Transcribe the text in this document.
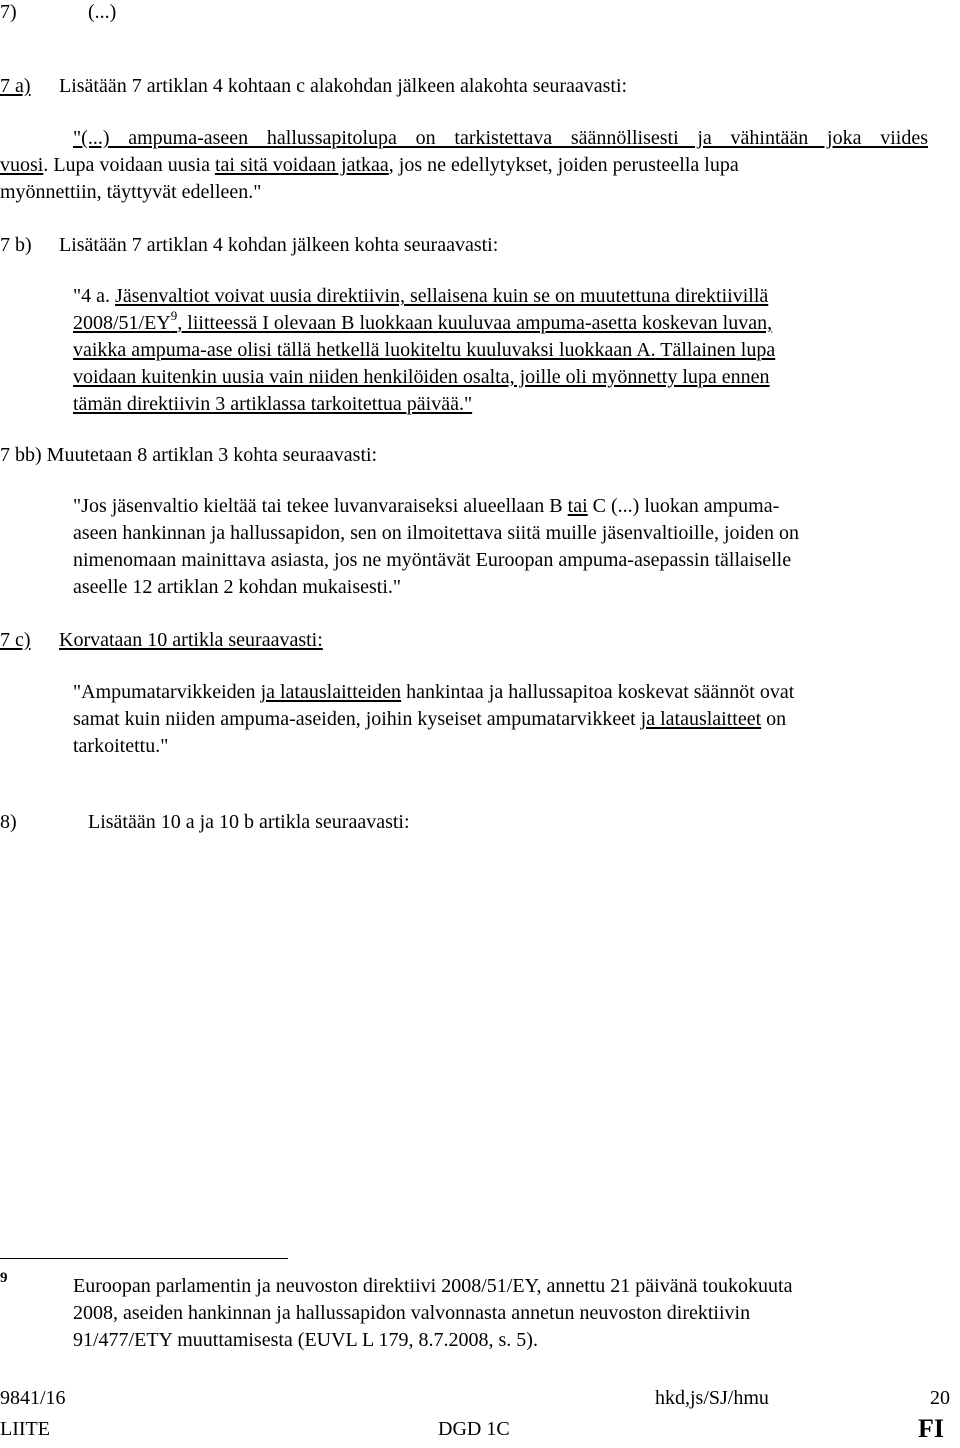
7)	(...)
7 a) Lisätään 7 artiklan 4 kohtaan c alakohdan jälkeen alakohta seuraavasti:
"(...) ampuma-aseen hallussapitolupa on tarkistettava säännöllisesti ja vähintään joka viides
vuosi. Lupa voidaan uusia tai sitä voidaan jatkaa, jos ne edellytykset, joiden perusteella lupa
myönnettiin, täyttyvät edelleen."
7 b) Lisätään 7 artiklan 4 kohdan jälkeen kohta seuraavasti:
"4 a. Jäsenvaltiot voivat uusia direktiivin, sellaisena kuin se on muutettuna direktiivillä
$2008/51/EY^9$, liitteessä I olevaan B luokkaan kuuluvaa ampuma-asetta koskevan luvan,
vaikka ampuma-ase olisi tällä hetkellä luokiteltu kuuluvaksi luokkaan A. Tällainen lupa
voidaan kuitenkin uusia vain niiden henkilöiden osalta, joille oli myönnetty lupa ennen
tämän direktiivin 3 artiklassa tarkoitettua päivää."
7 bb) Muutetaan 8 artiklan 3 kohta seuraavasti:
"Jos jäsenvaltio kieltää tai tekee luvanvaraiseksi alueellaan B tai C (...) luokan ampuma-
aseen hankinnan ja hallussapidon, sen on ilmoitettava siitä muille jäsenvaltioille, joiden on
nimenomaan mainittava asiasta, jos ne myöntävät Euroopan ampuma-asepassin tällaiselle
aseelle 12 artiklan 2 kohdan mukaisesti."
7 c) Korvataan 10 artikla seuraavasti:
"Ampumatarvikkeiden ja latauslaitteiden hankintaa ja hallussapitoa koskevat säännöt ovat
samat kuin niiden ampuma-aseiden, joihin kyseiset ampumatarvikkeet ja latauslaitteet on
tarkoitettu."
8)	Lisätään 10 a ja 10 b artikla seuraavasti:
9	Euroopan parlamentin ja neuvoston direktiivi 2008/51/EY, annettu 21 päivänä toukokuuta
2008, aseiden hankinnan ja hallussapidon valvonnasta annetun neuvoston direktiivin
91/477/ETY muuttamisesta (EUVL L 179, 8.7.2008, s. 5).
9841/16	hkd,js/SJ/hmu	20
LIITE	DGD 1C	FI
